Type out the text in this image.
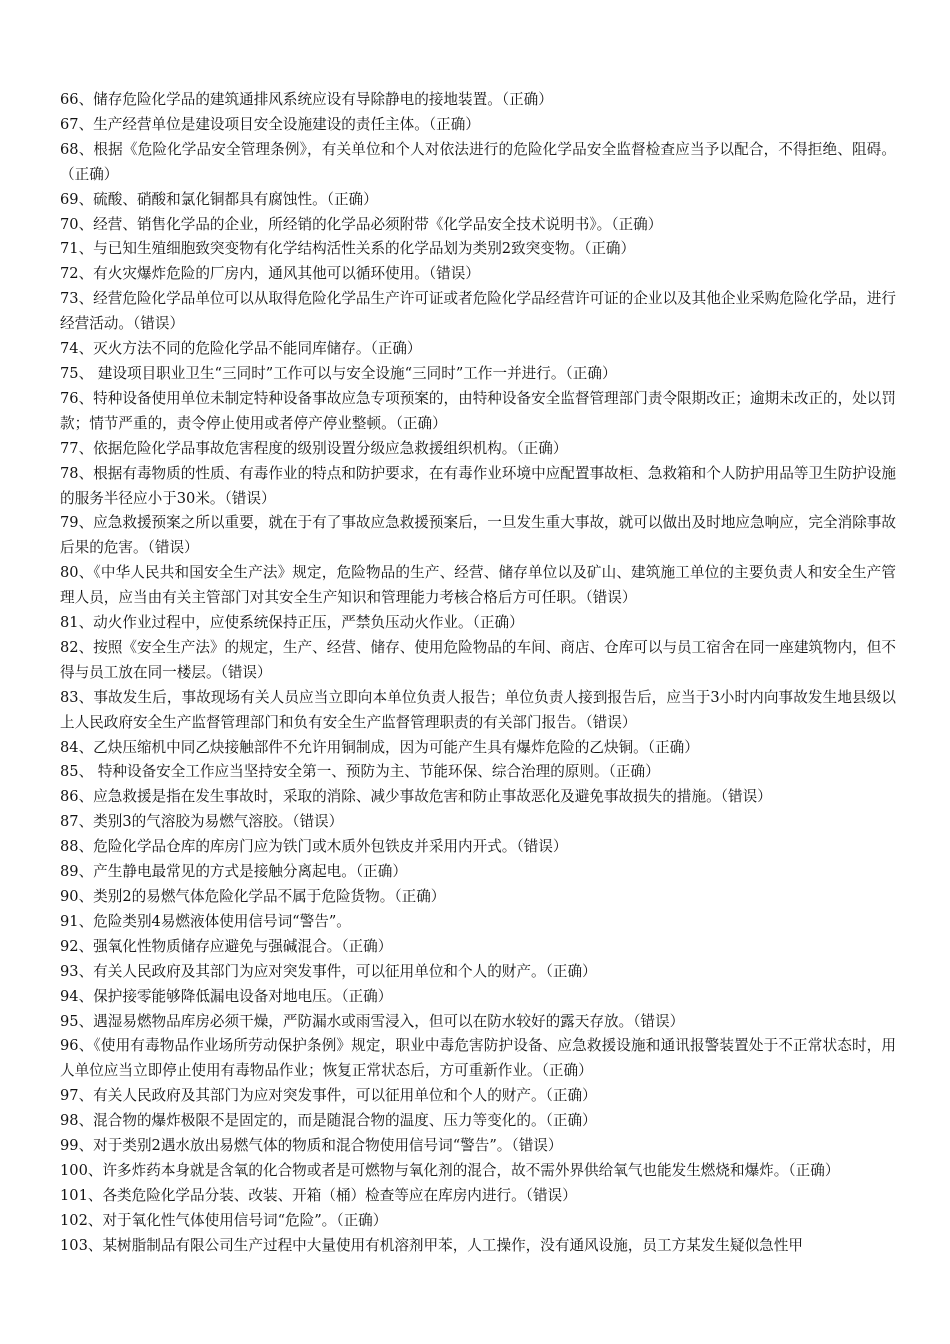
66、储存危险化学品的建筑通排风系统应设有导除静电的接地装置。（正确）

67、生产经营单位是建设项目安全设施建设的责任主体。（正确）

68、根据《危险化学品安全管理条例》，有关单位和个人对依法进行的危险化学品安全监督检查应当予以配合，不得拒绝、阻碍。（正确）

69、硫酸、硝酸和氯化铜都具有腐蚀性。（正确）

70、经营、销售化学品的企业，所经销的化学品必须附带《化学品安全技术说明书》。（正确）

71、与已知生殖细胞致突变物有化学结构活性关系的化学品划为类别2致突变物。（正确）

72、有火灾爆炸危险的厂房内，通风其他可以循环使用。（错误）

73、经营危险化学品单位可以从取得危险化学品生产许可证或者危险化学品经营许可证的企业以及其他企业采购危险化学品，进行经营活动。（错误）

74、灭火方法不同的危险化学品不能同库储存。（正确）

75、 建设项目职业卫生“三同时”工作可以与安全设施“三同时”工作一并进行。（正确）

76、特种设备使用单位未制定特种设备事故应急专项预案的，由特种设备安全监督管理部门责令限期改正；逾期未改正的，处以罚款；情节严重的，责令停止使用或者停产停业整顿。（正确）

77、依据危险化学品事故危害程度的级别设置分级应急救援组织机构。（正确）

78、根据有毒物质的性质、有毒作业的特点和防护要求，在有毒作业环境中应配置事故柜、急救箱和个人防护用品等卫生防护设施的服务半径应小于30米。（错误）

79、应急救援预案之所以重要，就在于有了事故应急救援预案后，一旦发生重大事故，就可以做出及时地应急响应，完全消除事故后果的危害。（错误）

80、《中华人民共和国安全生产法》规定，危险物品的生产、经营、储存单位以及矿山、建筑施工单位的主要负责人和安全生产管理人员，应当由有关主管部门对其安全生产知识和管理能力考核合格后方可任职。（错误）

81、动火作业过程中，应使系统保持正压，严禁负压动火作业。（正确）

82、按照《安全生产法》的规定，生产、经营、储存、使用危险物品的车间、商店、仓库可以与员工宿舍在同一座建筑物内，但不得与员工放在同一楼层。（错误）

83、事故发生后，事故现场有关人员应当立即向本单位负责人报告；单位负责人接到报告后，应当于3小时内向事故发生地县级以上人民政府安全生产监督管理部门和负有安全生产监督管理职责的有关部门报告。（错误）

84、乙炔压缩机中同乙炔接触部件不允许用铜制成，因为可能产生具有爆炸危险的乙炔铜。（正确）

85、 特种设备安全工作应当坚持安全第一、预防为主、节能环保、综合治理的原则。（正确）

86、应急救援是指在发生事故时，采取的消除、减少事故危害和防止事故恶化及避免事故损失的措施。（错误）

87、类别3的气溶胶为易燃气溶胶。（错误）

88、危险化学品仓库的库房门应为铁门或木质外包铁皮并采用内开式。（错误）

89、产生静电最常见的方式是接触分离起电。（正确）

90、类别2的易燃气体危险化学品不属于危险货物。（正确）

91、危险类别4易燃液体使用信号词“警告”。

92、强氧化性物质储存应避免与强碱混合。（正确）

93、有关人民政府及其部门为应对突发事件，可以征用单位和个人的财产。（正确）

94、保护接零能够降低漏电设备对地电压。（正确）

95、遇湿易燃物品库房必须干燥，严防漏水或雨雪浸入，但可以在防水较好的露天存放。（错误）

96、《使用有毒物品作业场所劳动保护条例》规定，职业中毒危害防护设备、应急救援设施和通讯报警装置处于不正常状态时，用人单位应当立即停止使用有毒物品作业；恢复正常状态后，方可重新作业。（正确）

97、有关人民政府及其部门为应对突发事件，可以征用单位和个人的财产。（正确）

98、混合物的爆炸极限不是固定的，而是随混合物的温度、压力等变化的。（正确）

99、对于类别2遇水放出易燃气体的物质和混合物使用信号词“警告”。（错误）

100、许多炸药本身就是含氧的化合物或者是可燃物与氧化剂的混合，故不需外界供给氧气也能发生燃烧和爆炸。（正确）

101、各类危险化学品分装、改装、开箱（桶）检查等应在库房内进行。（错误）

102、对于氧化性气体使用信号词“危险”。（正确）

103、某树脂制品有限公司生产过程中大量使用有机溶剂甲苯，人工操作，没有通风设施，员工方某发生疑似急性甲
